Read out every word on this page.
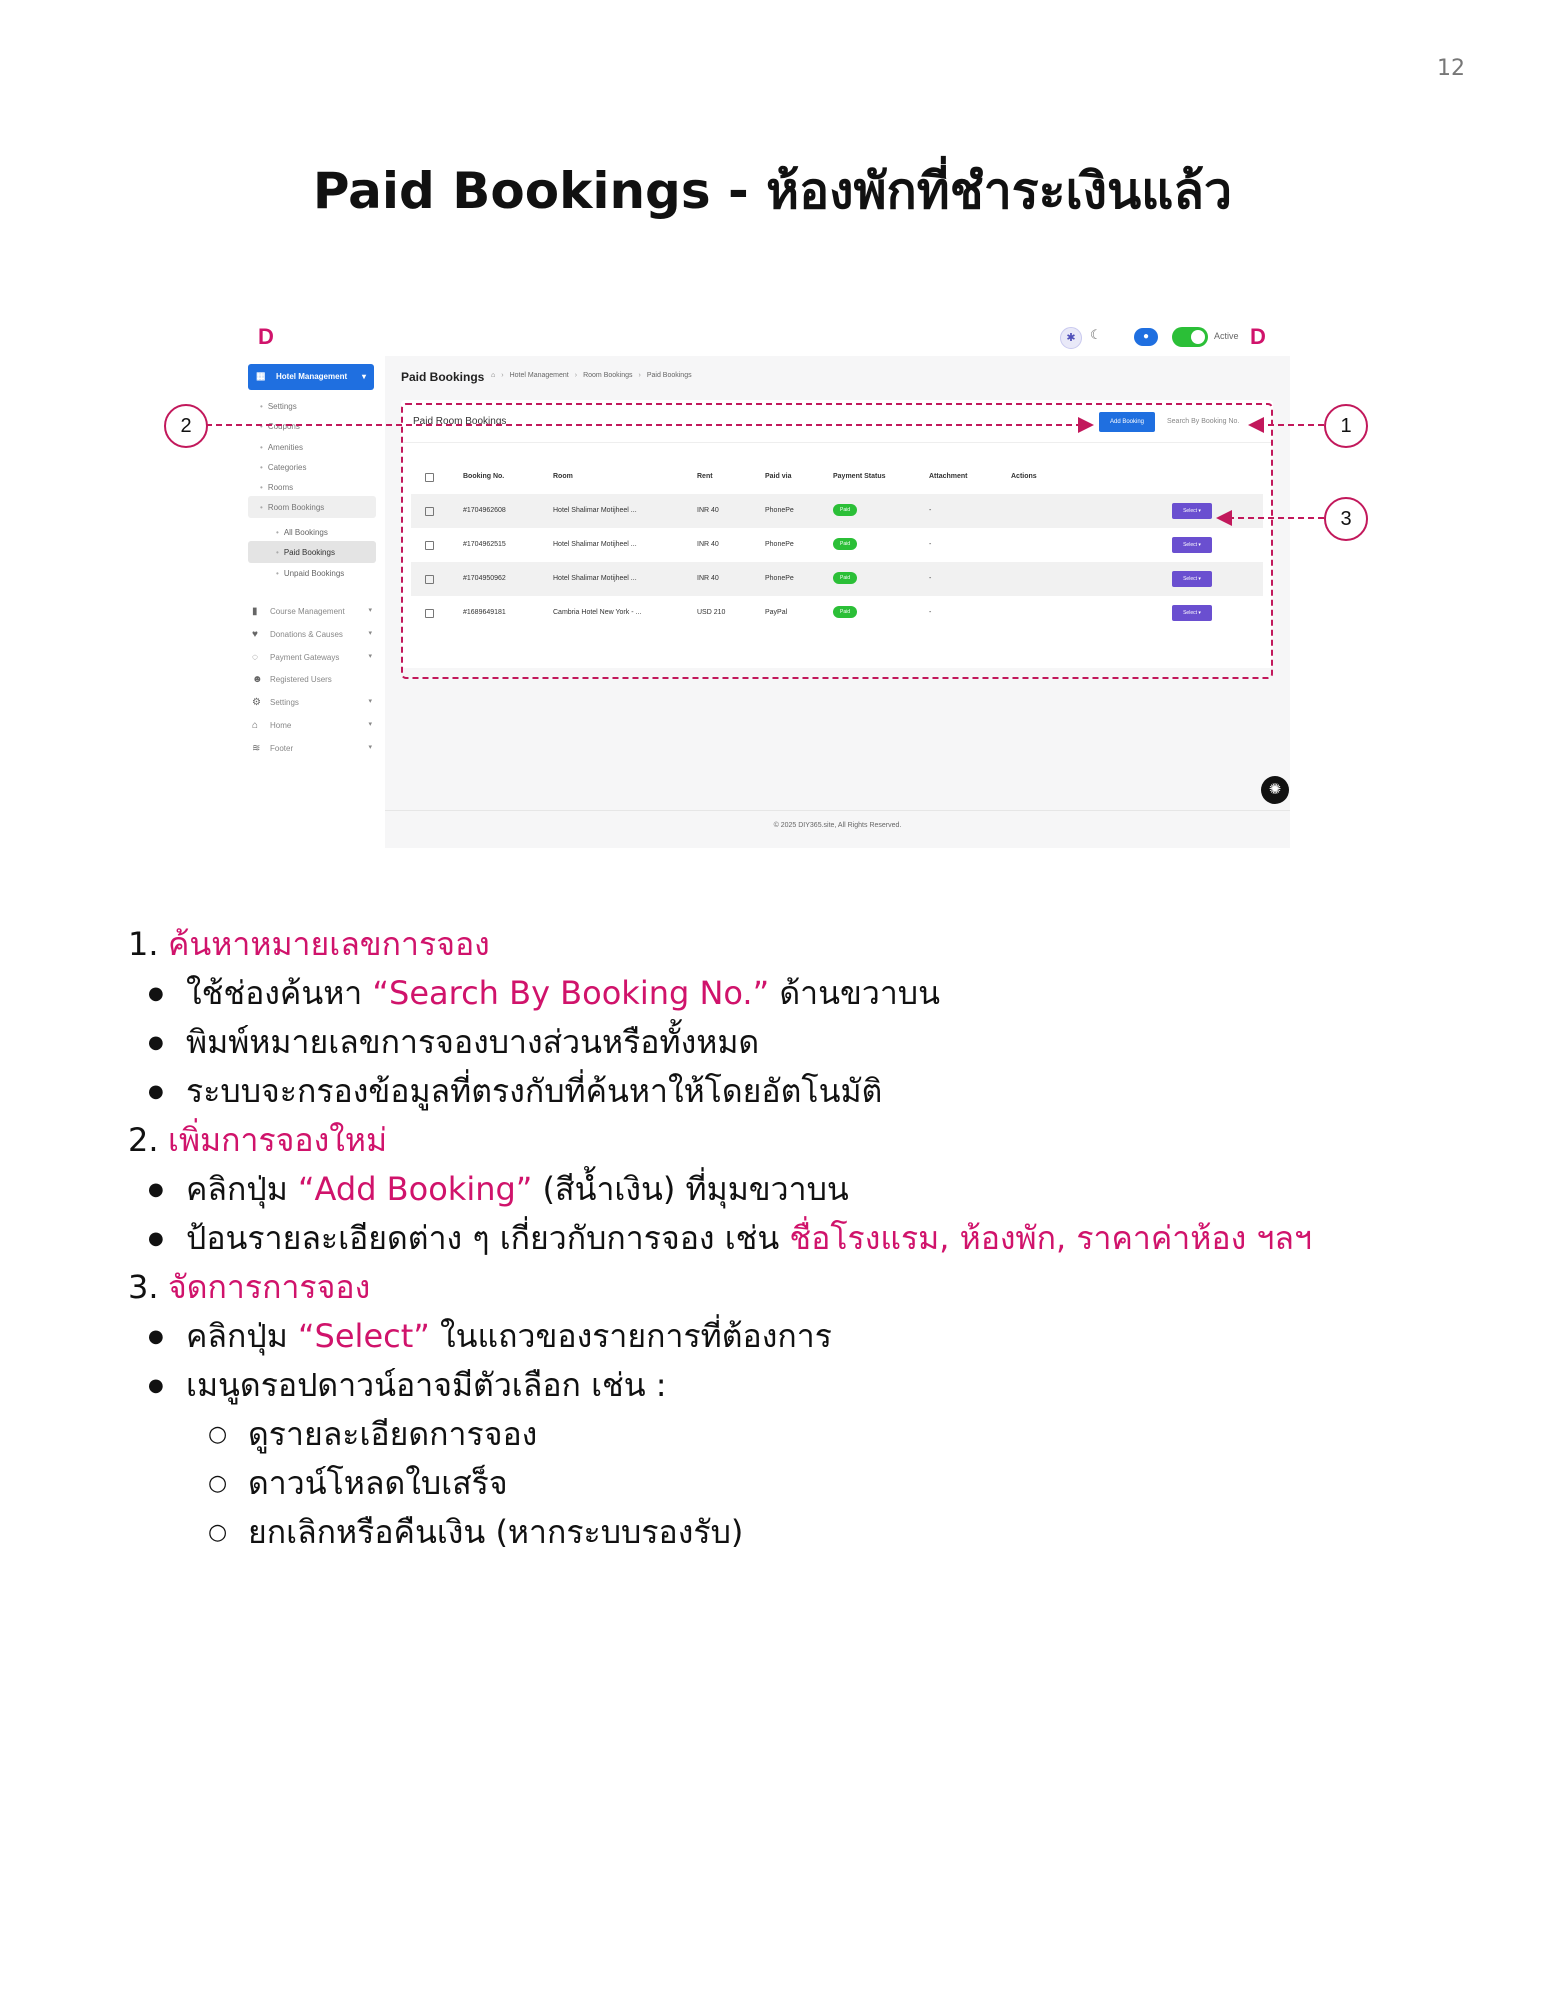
12
Paid Bookings - ห้องพักที่ชำระเงินแล้ว
D	✱	☾	●	Active D
▦ Hotel Management ▾
• Settings
• Coupons
• Amenities
• Categories
• Rooms
• Room Bookings
• All Bookings
• Paid Bookings
• Unpaid Bookings
▮ Course Management	▾
♥ Donations & Causes	▾
◌ Payment Gateways	▾
☻ Registered Users
⚙ Settings	▾
⌂ Home	▾
≋ Footer	▾
Paid Bookings ⌂ › Hotel Management › Room Bookings › Paid Bookings
Paid Room Bookings	Add Booking	Search By Booking No.
Booking No.	Room	Rent	Paid via	Payment Status	Attachment	Actions
#1704962608	Hotel Shalimar Motijheel ...	INR 40	PhonePe	Paid	-	Select ▾
#1704962515	Hotel Shalimar Motijheel ...	INR 40	PhonePe	Paid	-	Select ▾
#1704950962	Hotel Shalimar Motijheel ...	INR 40	PhonePe	Paid	-	Select ▾
#1689649181	Cambria Hotel New York - ...	USD 210	PayPal	Paid	-	Select ▾
✺
© 2025 DIY365.site, All Rights Reserved.
2	1
3
1. ค้นหาหมายเลขการจอง
● ใช้ช่องค้นหา “Search By Booking No.” ด้านขวาบน
● พิมพ์หมายเลขการจองบางส่วนหรือทั้งหมด
● ระบบจะกรองข้อมูลที่ตรงกับที่ค้นหาให้โดยอัตโนมัติ
2. เพิ่มการจองใหม่
● คลิกปุ่ม “Add Booking” (สีน้ำเงิน) ที่มุมขวาบน
● ป้อนรายละเอียดต่าง ๆ เกี่ยวกับการจอง เช่น ชื่อโรงแรม, ห้องพัก, ราคาค่าห้อง ฯลฯ
3. จัดการการจอง
● คลิกปุ่ม “Select” ในแถวของรายการที่ต้องการ
● เมนูดรอปดาวน์อาจมีตัวเลือก เช่น :
○ ดูรายละเอียดการจอง
○ ดาวน์โหลดใบเสร็จ
○ ยกเลิกหรือคืนเงิน (หากระบบรองรับ)
